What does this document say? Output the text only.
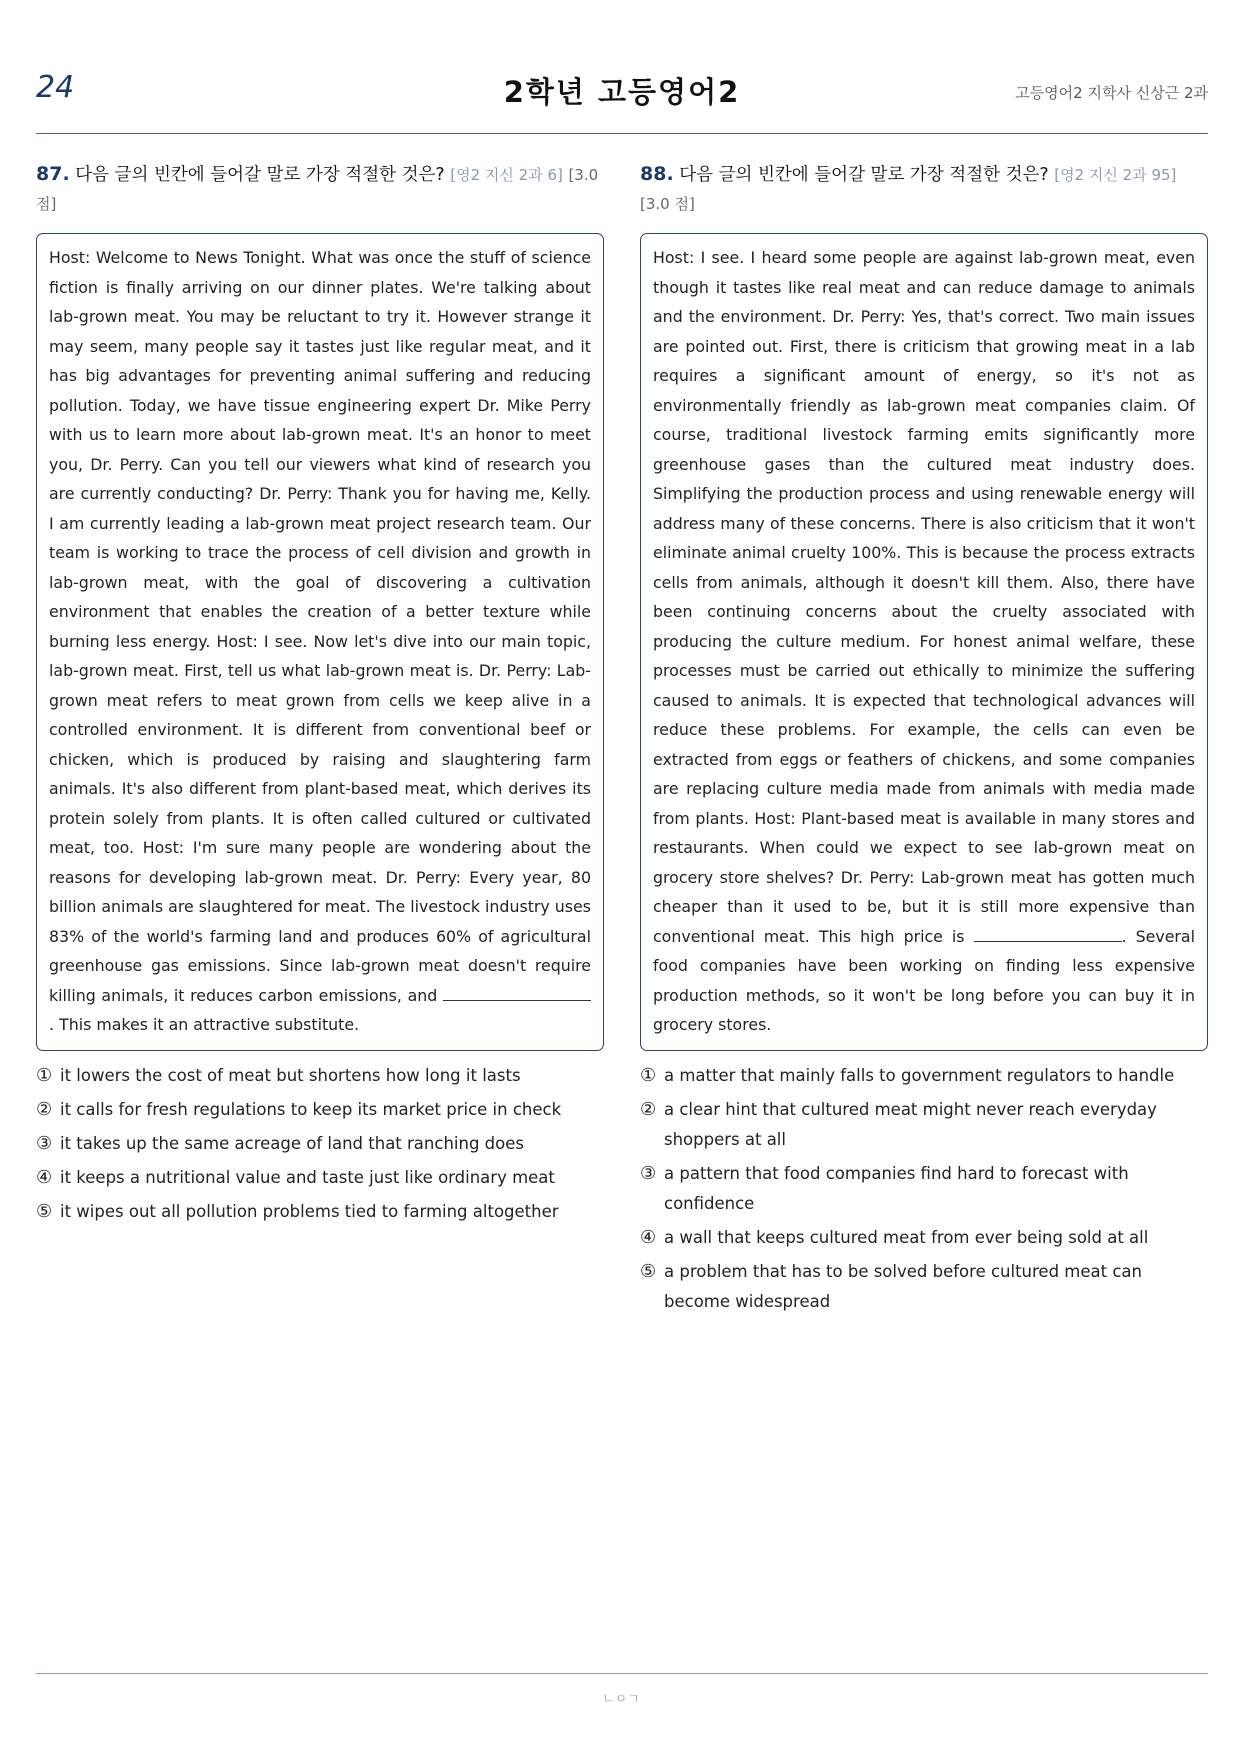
24	2학년 고등영어2	고등영어2 지학사 신상근 2과
87. 다음 글의 빈칸에 들어갈 말로 가장 적절한 것은? [영2 지신 2과 6] [3.0 점]
Host: Welcome to News Tonight. What was once the stuff of science fiction is finally arriving on our dinner plates. We're talking about lab-grown meat. You may be reluctant to try it. However strange it may seem, many people say it tastes just like regular meat, and it has big advantages for preventing animal suffering and reducing pollution. Today, we have tissue engineering expert Dr. Mike Perry with us to learn more about lab-grown meat. It's an honor to meet you, Dr. Perry. Can you tell our viewers what kind of research you are currently conducting? Dr. Perry: Thank you for having me, Kelly. I am currently leading a lab-grown meat project research team. Our team is working to trace the process of cell division and growth in lab-grown meat, with the goal of discovering a cultivation environment that enables the creation of a better texture while burning less energy. Host: I see. Now let's dive into our main topic, lab-grown meat. First, tell us what lab-grown meat is. Dr. Perry: Lab-grown meat refers to meat grown from cells we keep alive in a controlled environment. It is different from conventional beef or chicken, which is produced by raising and slaughtering farm animals. It's also different from plant-based meat, which derives its protein solely from plants. It is often called cultured or cultivated meat, too. Host: I'm sure many people are wondering about the reasons for developing lab-grown meat. Dr. Perry: Every year, 80 billion animals are slaughtered for meat. The livestock industry uses 83% of the world's farming land and produces 60% of agricultural greenhouse gas emissions. Since lab-grown meat doesn't require killing animals, it reduces carbon emissions, and . This makes it an attractive substitute.
① it lowers the cost of meat but shortens how long it lasts
② it calls for fresh regulations to keep its market price in check
③ it takes up the same acreage of land that ranching does
④ it keeps a nutritional value and taste just like ordinary meat
⑤ it wipes out all pollution problems tied to farming altogether
88. 다음 글의 빈칸에 들어갈 말로 가장 적절한 것은? [영2 지신 2과 95] [3.0 점]
Host: I see. I heard some people are against lab-grown meat, even though it tastes like real meat and can reduce damage to animals and the environment. Dr. Perry: Yes, that's correct. Two main issues are pointed out. First, there is criticism that growing meat in a lab requires a significant amount of energy, so it's not as environmentally friendly as lab-grown meat companies claim. Of course, traditional livestock farming emits significantly more greenhouse gases than the cultured meat industry does. Simplifying the production process and using renewable energy will address many of these concerns. There is also criticism that it won't eliminate animal cruelty 100%. This is because the process extracts cells from animals, although it doesn't kill them. Also, there have been continuing concerns about the cruelty associated with producing the culture medium. For honest animal welfare, these processes must be carried out ethically to minimize the suffering caused to animals. It is expected that technological advances will reduce these problems. For example, the cells can even be extracted from eggs or feathers of chickens, and some companies are replacing culture media made from animals with media made from plants. Host: Plant-based meat is available in many stores and restaurants. When could we expect to see lab-grown meat on grocery store shelves? Dr. Perry: Lab-grown meat has gotten much cheaper than it used to be, but it is still more expensive than conventional meat. This high price is	. Several food companies have been working on finding less expensive production methods, so it won't be long before you can buy it in grocery stores.
① a matter that mainly falls to government regulators to handle
② a clear hint that cultured meat might never reach everyday shoppers at all
③ a pattern that food companies find hard to forecast with confidence
④ a wall that keeps cultured meat from ever being sold at all
⑤ a problem that has to be solved before cultured meat can become widespread
ㄴㅇㄱ
